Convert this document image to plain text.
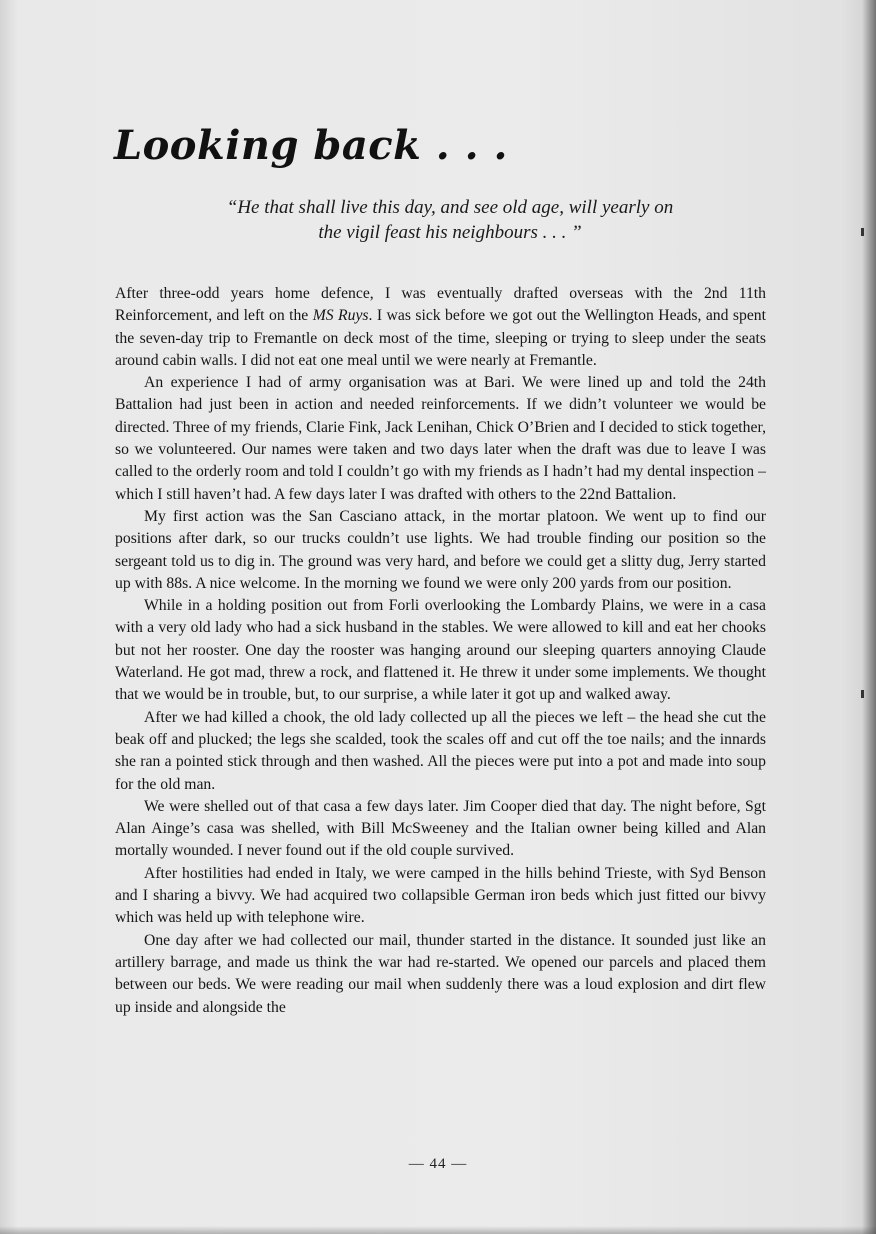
Looking back . . .
“He that shall live this day, and see old age, will yearly on
the vigil feast his neighbours . . . ”

After three-odd years home defence, I was eventually drafted overseas with the 2nd 11th Reinforcement, and left on the MS Ruys. I was sick before we got out the Wellington Heads, and spent the seven-day trip to Fremantle on deck most of the time, sleeping or trying to sleep under the seats around cabin walls. I did not eat one meal until we were nearly at Fremantle.

An experience I had of army organisation was at Bari. We were lined up and told the 24th Battalion had just been in action and needed reinforcements. If we didn’t volunteer we would be directed. Three of my friends, Clarie Fink, Jack Lenihan, Chick O’Brien and I decided to stick together, so we volunteered. Our names were taken and two days later when the draft was due to leave I was called to the orderly room and told I couldn’t go with my friends as I hadn’t had my dental inspection – which I still haven’t had. A few days later I was drafted with others to the 22nd Battalion.

My first action was the San Casciano attack, in the mortar platoon. We went up to find our positions after dark, so our trucks couldn’t use lights. We had trouble finding our position so the sergeant told us to dig in. The ground was very hard, and before we could get a slitty dug, Jerry started up with 88s. A nice welcome. In the morning we found we were only 200 yards from our position.

While in a holding position out from Forli overlooking the Lombardy Plains, we were in a casa with a very old lady who had a sick husband in the stables. We were allowed to kill and eat her chooks but not her rooster. One day the rooster was hanging around our sleeping quarters annoying Claude Waterland. He got mad, threw a rock, and flattened it. He threw it under some implements. We thought that we would be in trouble, but, to our surprise, a while later it got up and walked away.

After we had killed a chook, the old lady collected up all the pieces we left – the head she cut the beak off and plucked; the legs she scalded, took the scales off and cut off the toe nails; and the innards she ran a pointed stick through and then washed. All the pieces were put into a pot and made into soup for the old man.

We were shelled out of that casa a few days later. Jim Cooper died that day. The night before, Sgt Alan Ainge’s casa was shelled, with Bill McSweeney and the Italian owner being killed and Alan mortally wounded. I never found out if the old couple survived.

After hostilities had ended in Italy, we were camped in the hills behind Trieste, with Syd Benson and I sharing a bivvy. We had acquired two collapsible German iron beds which just fitted our bivvy which was held up with telephone wire.

One day after we had collected our mail, thunder started in the distance. It sounded just like an artillery barrage, and made us think the war had re-started. We opened our parcels and placed them between our beds. We were reading our mail when suddenly there was a loud explosion and dirt flew up inside and alongside the

— 44 —
